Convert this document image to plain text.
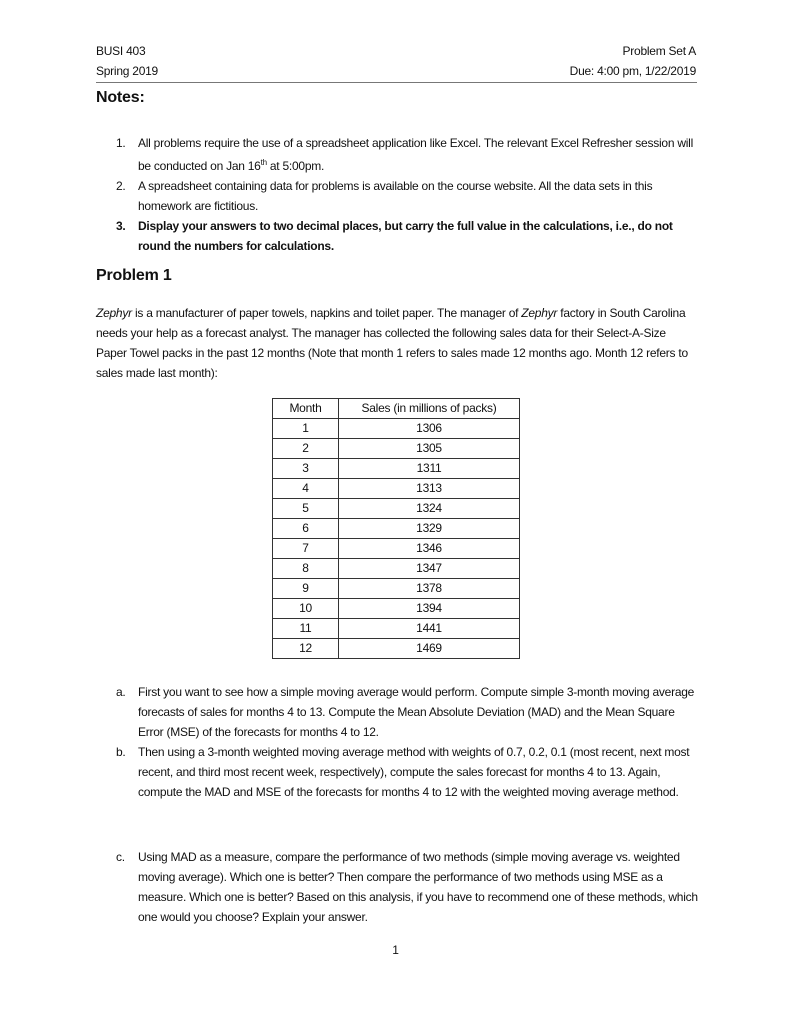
BUSI 403	Problem Set A
Spring 2019	Due: 4:00 pm, 1/22/2019
Notes:
1.	All problems require the use of a spreadsheet application like Excel. The relevant Excel Refresher session will be conducted on Jan 16th at 5:00pm.
2.	A spreadsheet containing data for problems is available on the course website. All the data sets in this homework are fictitious.
3.	Display your answers to two decimal places, but carry the full value in the calculations, i.e., do not round the numbers for calculations.
Problem 1
Zephyr is a manufacturer of paper towels, napkins and toilet paper. The manager of Zephyr factory in South Carolina needs your help as a forecast analyst. The manager has collected the following sales data for their Select-A-Size Paper Towel packs in the past 12 months (Note that month 1 refers to sales made 12 months ago. Month 12 refers to sales made last month):
Month	Sales (in millions of packs)
1	1306
2	1305
3	1311
4	1313
5	1324
6	1329
7	1346
8	1347
9	1378
10	1394
11	1441
12	1469
a.	First you want to see how a simple moving average would perform. Compute simple 3-month moving average forecasts of sales for months 4 to 13. Compute the Mean Absolute Deviation (MAD) and the Mean Square Error (MSE) of the forecasts for months 4 to 12.
b.	Then using a 3-month weighted moving average method with weights of 0.7, 0.2, 0.1 (most recent, next most recent, and third most recent week, respectively), compute the sales forecast for months 4 to 13. Again, compute the MAD and MSE of the forecasts for months 4 to 12 with the weighted moving average method.
c.	Using MAD as a measure, compare the performance of two methods (simple moving average vs. weighted moving average). Which one is better? Then compare the performance of two methods using MSE as a measure. Which one is better? Based on this analysis, if you have to recommend one of these methods, which one would you choose? Explain your answer.
1
